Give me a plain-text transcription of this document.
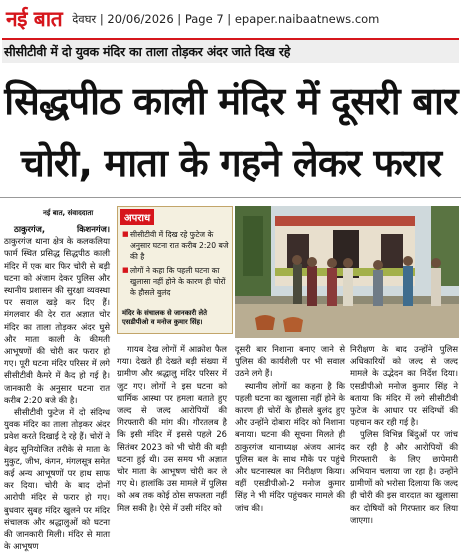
नई बात देवघर | 20/06/2026 | Page 7 | epaper.naibaatnews.com
सीसीटीवी में दो युवक मंदिर का ताला तोड़कर अंदर जाते दिख रहे
सिद्धपीठ काली मंदिर में दूसरी बार
चोरी, माता के गहने लेकर फरार
नई बात, संवाददाता
ठाकुरगंज, किशनगंज। ठाकुरगंज थाना क्षेत्र के कलकलिया फार्म स्थित प्रसिद्ध सिद्धपीठ काली मंदिर में एक बार फिर चोरी से बड़ी घटना को अंजाम देकर पुलिस और स्थानीय प्रशासन की सुरक्षा व्यवस्था पर सवाल खड़े कर दिए हैं। मंगलवार की देर रात अज्ञात चोर मंदिर का ताला तोड़कर अंदर घुसे और माता काली के कीमती आभूषणों की चोरी कर फरार हो गए। पूरी घटना मंदिर परिसर में लगे सीसीटीवी कैमरे में कैद हो गई है। जानकारी के अनुसार घटना रात करीब 2:20 बजे की है।
सीसीटीवी फुटेज में दो संदिग्ध युवक मंदिर का ताला तोड़कर अंदर प्रवेश करते दिखाई दे रहे हैं। चोरों ने बेहद सुनियोजित तरीके से माता के मुकुट, जीभ, कंगन, मंगलसूत्र समेत कई अन्य आभूषणों पर हाथ साफ कर दिया। चोरी के बाद दोनों आरोपी मंदिर से फरार हो गए। बुधवार सुबह मंदिर खुलने पर मंदिर संचालक और श्रद्धालुओं को घटना की जानकारी मिली। मंदिर से माता के आभूषण
अपराध
■ सीसीटीवी में दिख रहे फुटेज के अनुसार घटना रात करीब 2:20 बजे की है
■ लोगों ने कहा कि पहली घटना का खुलासा नहीं होने के कारण ही चोरों के हौसले बुलंद
मंदिर के संचालक से जानकारी लेते एसडीपीओ व मनोज कुमार सिंह।
गायब देख लोगों में आक्रोश फैल गया। देखते ही देखते बड़ी संख्या में ग्रामीण और श्रद्धालु मंदिर परिसर में जुट गए। लोगों ने इस घटना को धार्मिक आस्था पर हमला बताते हुए जल्द से जल्द आरोपियों की गिरफ्तारी की मांग की। गौरतलब है कि इसी मंदिर में इससे पहले 26 सितंबर 2023 को भी चोरी की बड़ी घटना हुई थी। उस समय भी अज्ञात चोर माता के आभूषण चोरी कर ले गए थे। हालांकि उस मामले में पुलिस को अब तक कोई ठोस सफलता नहीं मिल सकी है। ऐसे में उसी मंदिर को
दूसरी बार निशाना बनाए जाने से पुलिस की कार्यशैली पर भी सवाल उठने लगे हैं।
स्थानीय लोगों का कहना है कि पहली घटना का खुलासा नहीं होने के कारण ही चोरों के हौसले बुलंद हुए और उन्होंने दोबारा मंदिर को निशाना बनाया। घटना की सूचना मिलते ही ठाकुरगंज थानाध्यक्ष अंजय आनंद पुलिस बल के साथ मौके पर पहुंचे और घटनास्थल का निरीक्षण किया। वहीं एसडीपीओ-2 मनोज कुमार सिंह ने भी मंदिर पहुंचकर मामले की जांच की।
निरीक्षण के बाद उन्होंने पुलिस अधिकारियों को जल्द से जल्द मामले के उद्भेदन का निर्देश दिया। एसडीपीओ मनोज कुमार सिंह ने बताया कि मंदिर में लगे सीसीटीवी फुटेज के आधार पर संदिग्धों की पहचान कर रही गई है।
पुलिस विभिन्न बिंदुओं पर जांच कर रही है और आरोपियों की गिरफ्तारी के लिए छापेमारी अभियान चलाया जा रहा है। उन्होंने ग्रामीणों को भरोसा दिलाया कि जल्द ही चोरी की इस वारदात का खुलासा कर दोषियों को गिरफ्तार कर लिया जाएगा।
